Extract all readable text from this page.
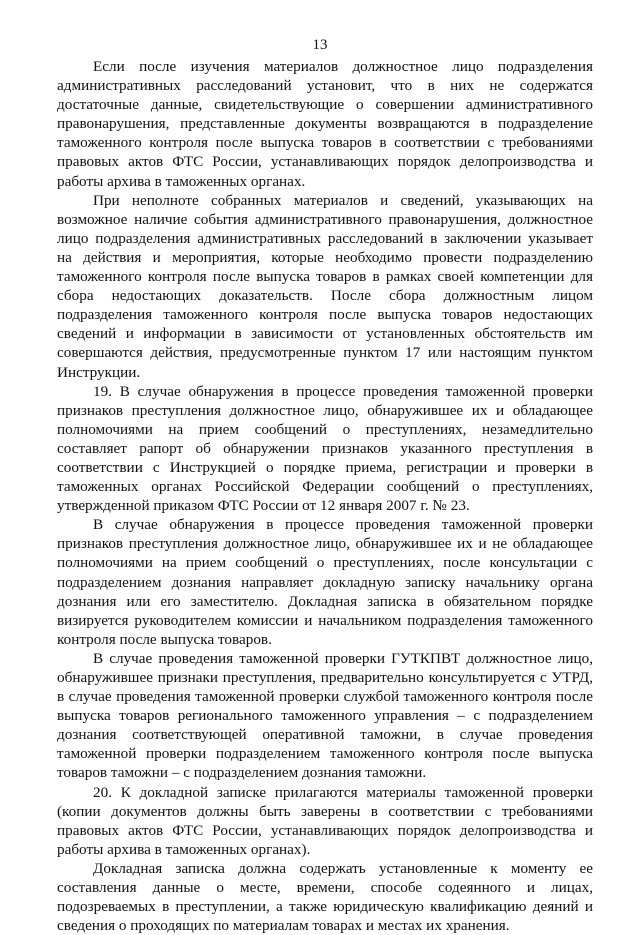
13

Если после изучения материалов должностное лицо подразделения административных расследований установит, что в них не содержатся достаточные данные, свидетельствующие о совершении административного правонарушения, представленные документы возвращаются в подразделение таможенного контроля после выпуска товаров в соответствии с требованиями правовых актов ФТС России, устанавливающих порядок делопроизводства и работы архива в таможенных органах.

При неполноте собранных материалов и сведений, указывающих на возможное наличие события административного правонарушения, должностное лицо подразделения административных расследований в заключении указывает на действия и мероприятия, которые необходимо провести подразделению таможенного контроля после выпуска товаров в рамках своей компетенции для сбора недостающих доказательств. После сбора должностным лицом подразделения таможенного контроля после выпуска товаров недостающих сведений и информации в зависимости от установленных обстоятельств им совершаются действия, предусмотренные пунктом 17 или настоящим пунктом Инструкции.

19. В случае обнаружения в процессе проведения таможенной проверки признаков преступления должностное лицо, обнаружившее их и обладающее полномочиями на прием сообщений о преступлениях, незамедлительно составляет рапорт об обнаружении признаков указанного преступления в соответствии с Инструкцией о порядке приема, регистрации и проверки в таможенных органах Российской Федерации сообщений о преступлениях, утвержденной приказом ФТС России от 12 января 2007 г. № 23.

В случае обнаружения в процессе проведения таможенной проверки признаков преступления должностное лицо, обнаружившее их и не обладающее полномочиями на прием сообщений о преступлениях, после консультации с подразделением дознания направляет докладную записку начальнику органа дознания или его заместителю. Докладная записка в обязательном порядке визируется руководителем комиссии и начальником подразделения таможенного контроля после выпуска товаров.

В случае проведения таможенной проверки ГУТКПВТ должностное лицо, обнаружившее признаки преступления, предварительно консультируется с УТРД, в случае проведения таможенной проверки службой таможенного контроля после выпуска товаров регионального таможенного управления – с подразделением дознания соответствующей оперативной таможни, в случае проведения таможенной проверки подразделением таможенного контроля после выпуска товаров таможни – с подразделением дознания таможни.

20. К докладной записке прилагаются материалы таможенной проверки (копии документов должны быть заверены в соответствии с требованиями правовых актов ФТС России, устанавливающих порядок делопроизводства и работы архива в таможенных органах).

Докладная записка должна содержать установленные к моменту ее составления данные о месте, времени, способе содеянного и лицах, подозреваемых в преступлении, а также юридическую квалификацию деяний и сведения о проходящих по материалам товарах и местах их хранения.
